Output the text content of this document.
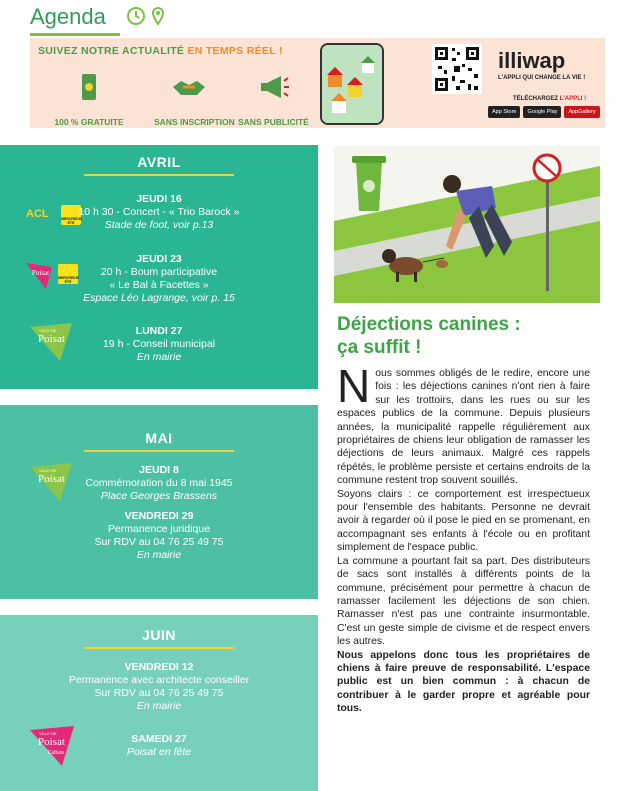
Agenda
SUIVEZ NOTRE ACTUALITÉ EN TEMPS RÉEL !
100 % GRATUITE	SANS INSCRIPTION SANS PUBLICITÉ
illiwap
L'APPLI QUI CHANGE LA VIE !
TÉLÉCHARGEZ L'APPLI !
App Store	Google Play	AppGallery
AVRIL
ACL	MERCREDIS ÉTÉ
JEUDI 16
10 h 30 - Concert - « Trio Barock »
Stade de foot, voir p.13
Poisat
MERCREDIS ÉTÉ
JEUDI 23
20 h - Boum participative
« Le Bal à Facettes »
Espace Léo Lagrange, voir p. 15
VILLE DE
Poisat
LUNDI 27
19 h - Conseil municipal
En mairie
MAI
VILLE DE
Poisat
JEUDI 8
Commémoration du 8 mai 1945
Place Georges Brassens
VENDREDI 29
Permanence juridique
Sur RDV au 04 76 25 49 75
En mairie
JUIN
VENDREDI 12
Permanence avec architecte conseiller
Sur RDV au 04 76 25 49 75
En mairie
VILLE DE
Poisat
Culture
SAMEDI 27
Poisat en fête
Déjections canines :
ça suffit !

Nous sommes obligés de le redire, encore une fois : les déjections canines n'ont rien à faire sur les trottoirs, dans les rues ou sur les espaces publics de la commune. Depuis plusieurs années, la municipalité rappelle régulièrement aux propriétaires de chiens leur obligation de ramasser les déjections de leurs animaux. Malgré ces rappels répétés, le problème persiste et certains endroits de la commune restent trop souvent souillés.

Soyons clairs : ce comportement est irrespectueux pour l'ensemble des habitants. Personne ne devrait avoir à regarder où il pose le pied en se promenant, en accompagnant ses enfants à l'école ou en profitant simplement de l'espace public.

La commune a pourtant fait sa part. Des distributeurs de sacs sont installés à différents points de la commune, précisément pour permettre à chacun de ramasser facilement les déjections de son chien. Ramasser n'est pas une contrainte insurmontable. C'est un geste simple de civisme et de respect envers les autres.

Nous appelons donc tous les propriétaires de chiens à faire preuve de responsabilité. L'espace public est un bien commun : à chacun de contribuer à le garder propre et agréable pour tous.
